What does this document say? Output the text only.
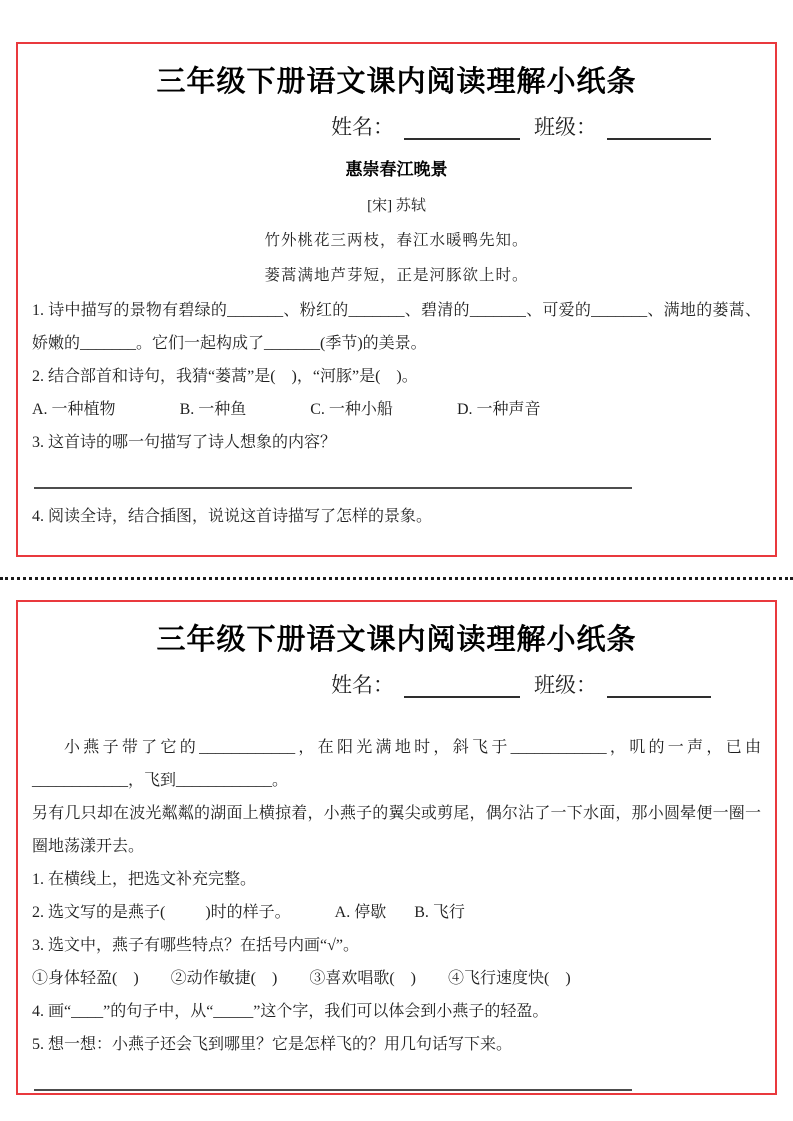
三年级下册语文课内阅读理解小纸条
姓名：	班级：
惠崇春江晚景
[宋] 苏轼
竹外桃花三两枝，春江水暖鸭先知。
蒌蒿满地芦芽短，正是河豚欲上时。

1. 诗中描写的景物有碧绿的_______、粉红的_______、碧清的_______、可爱的_______、满地的蒌蒿、娇嫩的_______。它们一起构成了_______(季节)的美景。

2. 结合部首和诗句，我猜“蒌蒿”是(    )，“河豚”是(    )。

A. 一种植物	B. 一种鱼	C. 一种小船	D. 一种声音

3. 这首诗的哪一句描写了诗人想象的内容？

4. 阅读全诗，结合插图，说说这首诗描写了怎样的景象。

三年级下册语文课内阅读理解小纸条
姓名：	班级：

小燕子带了它的____________，在阳光满地时，斜飞于____________，叽的一声，已由____________，飞到____________。

另有几只却在波光粼粼的湖面上横掠着，小燕子的翼尖或剪尾，偶尔沾了一下水面，那小圆晕便一圈一圈地荡漾开去。

1. 在横线上，把选文补充完整。

2. 选文写的是燕子(          )时的样子。	A. 停歇 B. 飞行

3. 选文中，燕子有哪些特点？在括号内画“√”。

①身体轻盈(    ) ②动作敏捷(    ) ③喜欢唱歌(    ) ④飞行速度快(    )

4. 画“____”的句子中，从“_____”这个字，我们可以体会到小燕子的轻盈。

5. 想一想：小燕子还会飞到哪里？它是怎样飞的？用几句话写下来。
